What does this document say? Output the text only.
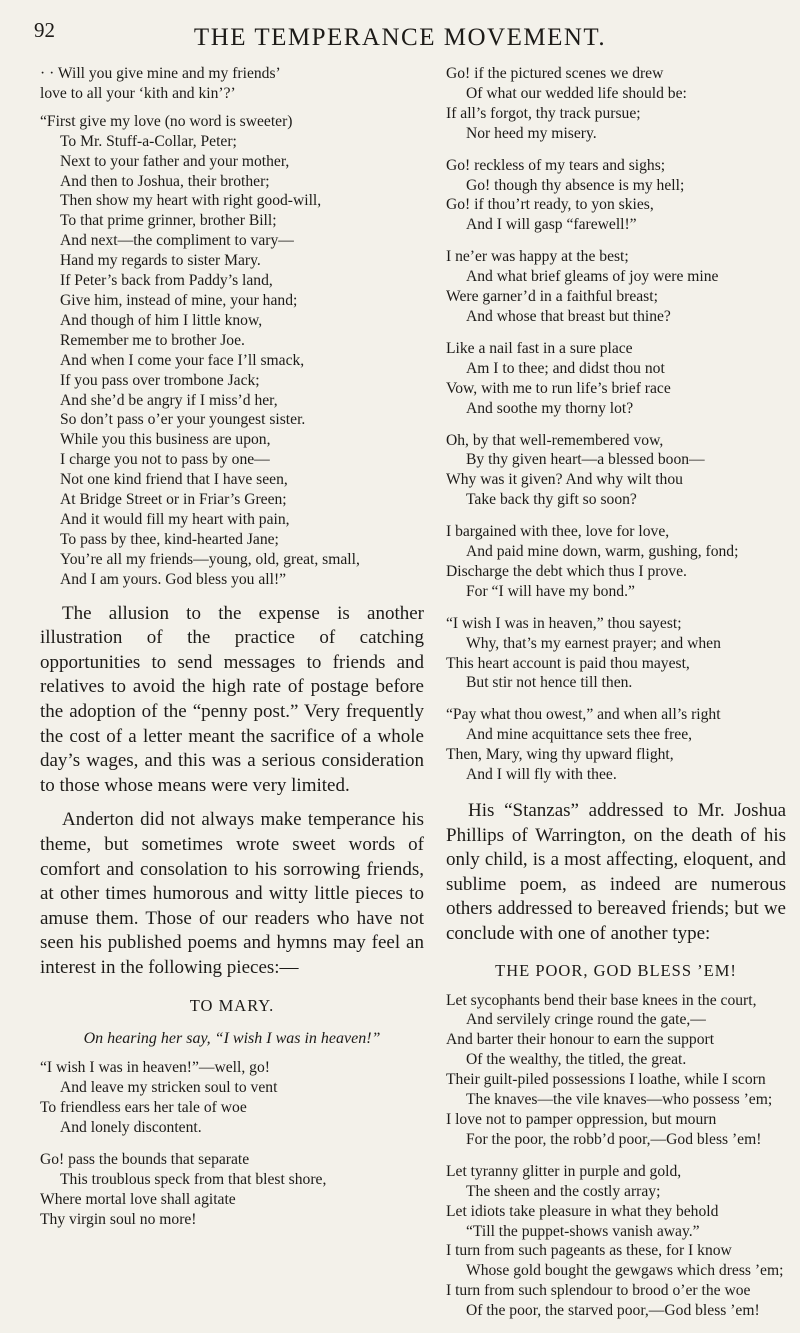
92	THE TEMPERANCE MOVEMENT.
· · Will you give mine and my friends’
love to all your ‘kith and kin’?’
“First give my love (no word is sweeter)
To Mr. Stuff-a-Collar, Peter;
Next to your father and your mother,
And then to Joshua, their brother;
Then show my heart with right good-will,
To that prime grinner, brother Bill;
And next—the compliment to vary—
Hand my regards to sister Mary.
If Peter’s back from Paddy’s land,
Give him, instead of mine, your hand;
And though of him I little know,
Remember me to brother Joe.
And when I come your face I’ll smack,
If you pass over trombone Jack;
And she’d be angry if I miss’d her,
So don’t pass o’er your youngest sister.
While you this business are upon,
I charge you not to pass by one—
Not one kind friend that I have seen,
At Bridge Street or in Friar’s Green;
And it would fill my heart with pain,
To pass by thee, kind-hearted Jane;
You’re all my friends—young, old, great, small,
And I am yours. God bless you all!”

The allusion to the expense is another illustration of the practice of catching opportunities to send messages to friends and relatives to avoid the high rate of postage before the adoption of the “penny post.” Very frequently the cost of a letter meant the sacrifice of a whole day’s wages, and this was a serious consideration to those whose means were very limited.

Anderton did not always make temperance his theme, but sometimes wrote sweet words of comfort and consolation to his sorrowing friends, at other times humorous and witty little pieces to amuse them. Those of our readers who have not seen his published poems and hymns may feel an interest in the following pieces:—

TO MARY.
On hearing her say, “I wish I was in heaven!”
“I wish I was in heaven!”—well, go!
And leave my stricken soul to vent
To friendless ears her tale of woe
And lonely discontent.
Go! pass the bounds that separate
This troublous speck from that blest shore,
Where mortal love shall agitate
Thy virgin soul no more!
Go! if the pictured scenes we drew
Of what our wedded life should be:
If all’s forgot, thy track pursue;
Nor heed my misery.
Go! reckless of my tears and sighs;
Go! though thy absence is my hell;
Go! if thou’rt ready, to yon skies,
And I will gasp “farewell!”
I ne’er was happy at the best;
And what brief gleams of joy were mine
Were garner’d in a faithful breast;
And whose that breast but thine?
Like a nail fast in a sure place
Am I to thee; and didst thou not
Vow, with me to run life’s brief race
And soothe my thorny lot?
Oh, by that well-remembered vow,
By thy given heart—a blessed boon—
Why was it given? And why wilt thou
Take back thy gift so soon?
I bargained with thee, love for love,
And paid mine down, warm, gushing, fond;
Discharge the debt which thus I prove.
For “I will have my bond.”
“I wish I was in heaven,” thou sayest;
Why, that’s my earnest prayer; and when
This heart account is paid thou mayest,
But stir not hence till then.
“Pay what thou owest,” and when all’s right
And mine acquittance sets thee free,
Then, Mary, wing thy upward flight,
And I will fly with thee.

His “Stanzas” addressed to Mr. Joshua Phillips of Warrington, on the death of his only child, is a most affecting, eloquent, and sublime poem, as indeed are numerous others addressed to bereaved friends; but we conclude with one of another type:

THE POOR, GOD BLESS ’EM!
Let sycophants bend their base knees in the court,
And servilely cringe round the gate,—
And barter their honour to earn the support
Of the wealthy, the titled, the great.
Their guilt-piled possessions I loathe, while I scorn
The knaves—the vile knaves—who possess ’em;
I love not to pamper oppression, but mourn
For the poor, the robb’d poor,—God bless ’em!
Let tyranny glitter in purple and gold,
The sheen and the costly array;
Let idiots take pleasure in what they behold
“Till the puppet-shows vanish away.”
I turn from such pageants as these, for I know
Whose gold bought the gewgaws which dress ’em;
I turn from such splendour to brood o’er the woe
Of the poor, the starved poor,—God bless ’em!
